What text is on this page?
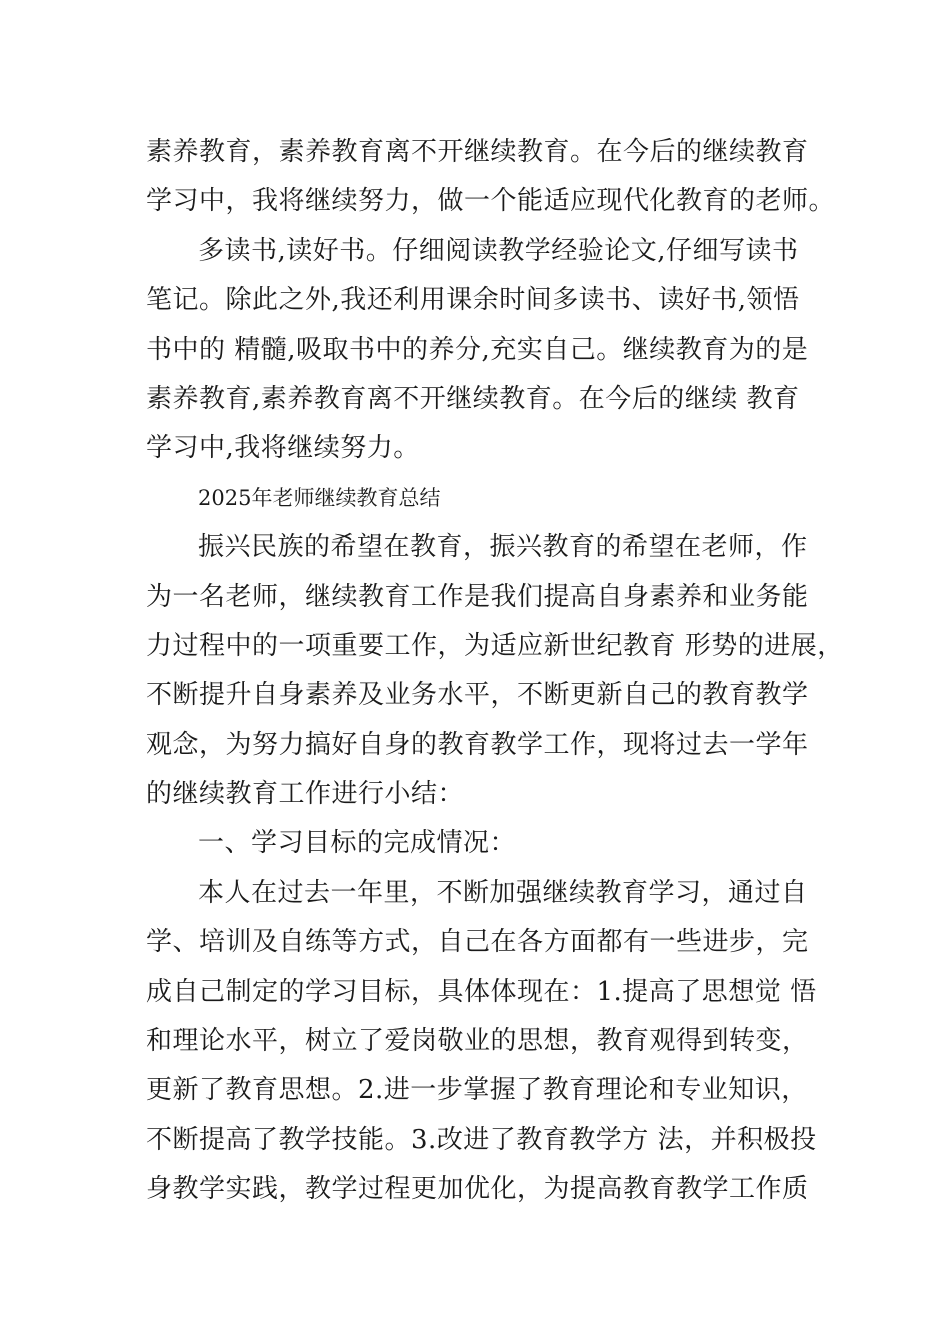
素养教育，素养教育离不开继续教育。在今后的继续教育
学习中，我将继续努力，做一个能适应现代化教育的老师。
多读书,读好书。仔细阅读教学经验论文,仔细写读书
笔记。除此之外,我还利用课余时间多读书、读好书,领悟
书中的 精髓,吸取书中的养分,充实自己。继续教育为的是
素养教育,素养教育离不开继续教育。在今后的继续 教育
学习中,我将继续努力。
2025年老师继续教育总结
振兴民族的希望在教育，振兴教育的希望在老师，作
为一名老师，继续教育工作是我们提高自身素养和业务能
力过程中的一项重要工作，为适应新世纪教育 形势的进展，
不断提升自身素养及业务水平，不断更新自己的教育教学
观念，为努力搞好自身的教育教学工作，现将过去一学年
的继续教育工作进行小结：
一、学习目标的完成情况：
本人在过去一年里，不断加强继续教育学习，通过自
学、培训及自练等方式，自己在各方面都有一些进步，完
成自己制定的学习目标，具体体现在：1.提高了思想觉 悟
和理论水平，树立了爱岗敬业的思想，教育观得到转变，
更新了教育思想。2.进一步掌握了教育理论和专业知识，
不断提高了教学技能。3.改进了教育教学方 法，并积极投
身教学实践，教学过程更加优化，为提高教育教学工作质
